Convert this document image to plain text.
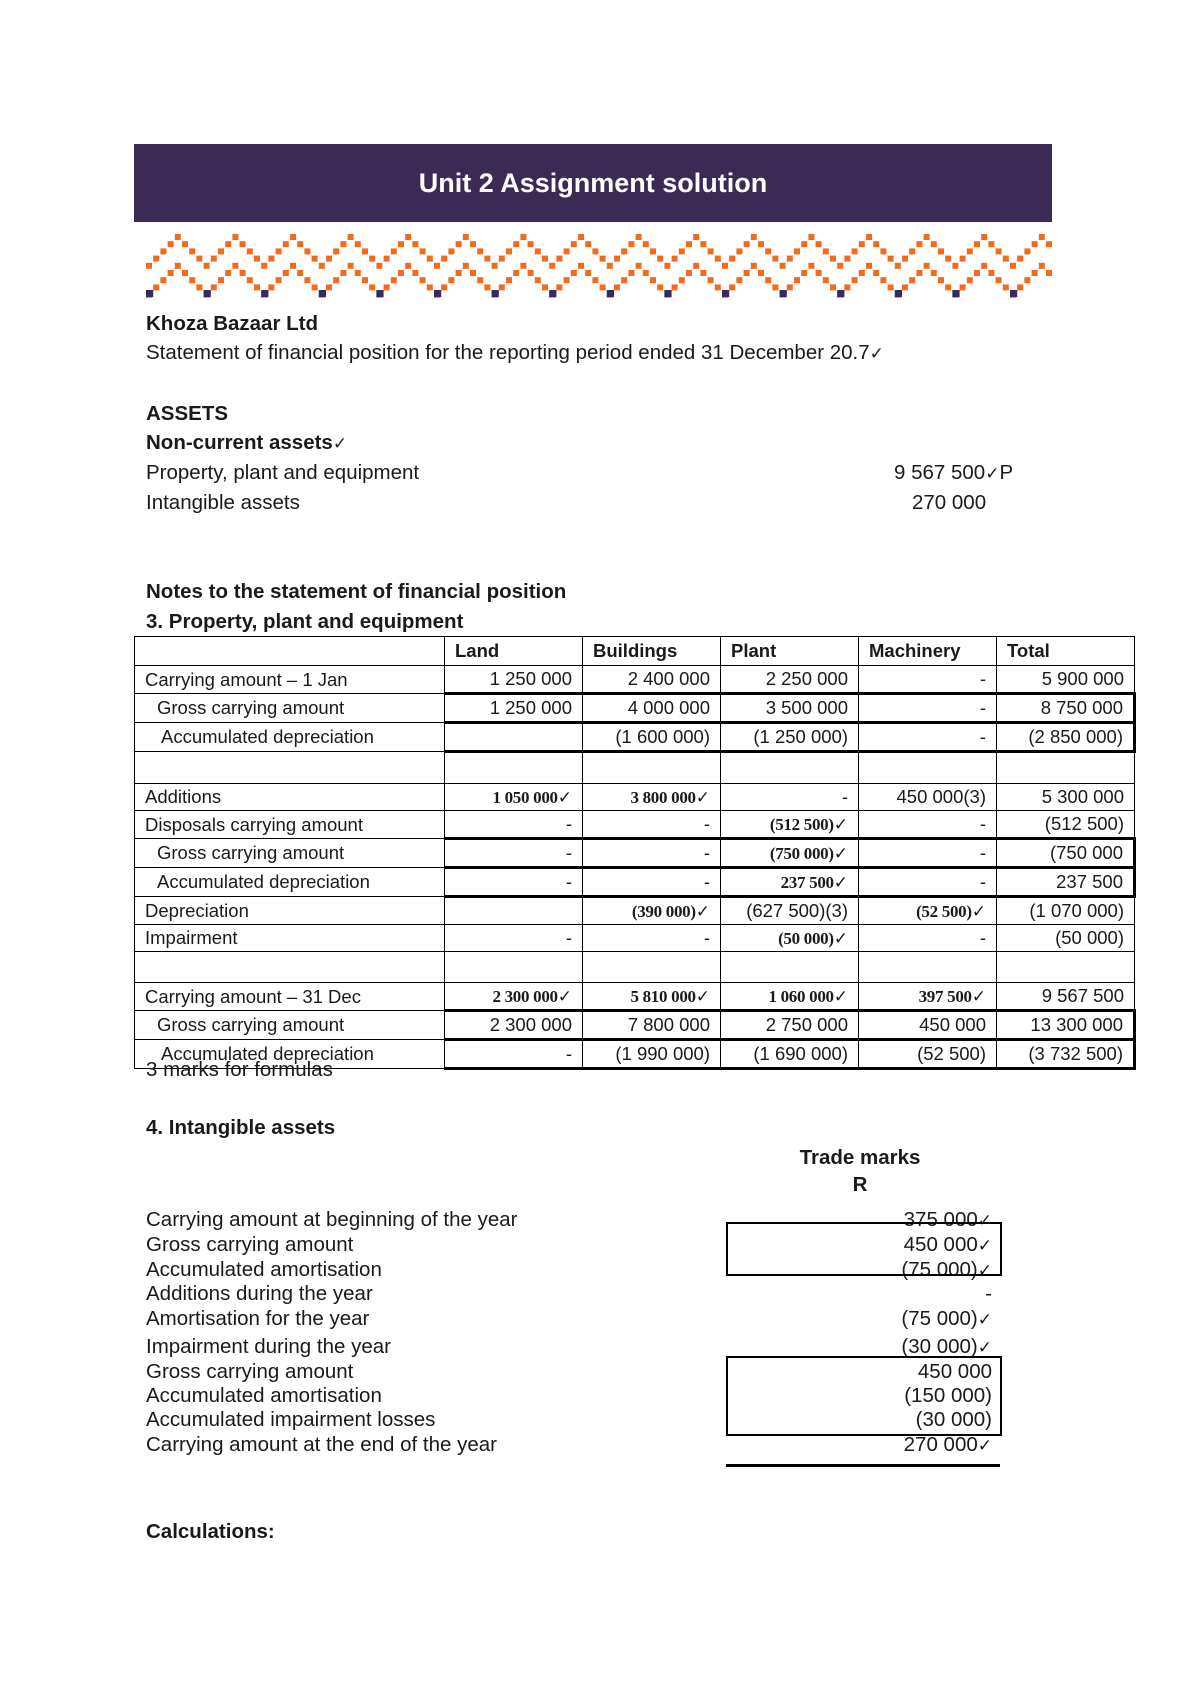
Unit 2 Assignment solution
Khoza Bazaar Ltd
Statement of financial position for the reporting period ended 31 December 20.7✓
ASSETS
Non-current assets✓
Property, plant and equipment	9 567 500✓P
Intangible assets	270 000
Notes to the statement of financial position
3. Property, plant and equipment
	Land	Buildings	Plant	Machinery	Total
Carrying amount – 1 Jan	1 250 000	2 400 000	2 250 000	-	5 900 000
Gross carrying amount	1 250 000	4 000 000	3 500 000	-	8 750 000
Accumulated depreciation		(1 600 000)	(1 250 000)	-	(2 850 000)

Additions	1 050 000✓	3 800 000✓	-	450 000(3)	5 300 000
Disposals carrying amount	-	-	(512 500)✓	-	(512 500)
Gross carrying amount	-	-	(750 000)✓	-	(750 000
Accumulated depreciation	-	-	237 500✓	-	237 500
Depreciation		(390 000)✓	(627 500)(3)	(52 500)✓	(1 070 000)
Impairment	-	-	(50 000)✓	-	(50 000)

Carrying amount – 31 Dec	2 300 000✓	5 810 000✓	1 060 000✓	397 500✓	9 567 500
Gross carrying amount	2 300 000	7 800 000	2 750 000	450 000	13 300 000
Accumulated depreciation	-	(1 990 000)	(1 690 000)	(52 500)	(3 732 500)
3 marks for formulas
4. Intangible assets
Trade marks
R
Carrying amount at beginning of the year	375 000✓
Gross carrying amount	450 000✓
Accumulated amortisation	(75 000)✓
Additions during the year	-
Amortisation for the year	(75 000)✓
Impairment during the year	(30 000)✓
Gross carrying amount	450 000
Accumulated amortisation	(150 000)
Accumulated impairment losses	(30 000)
Carrying amount at the end of the year	270 000✓
Calculations:
